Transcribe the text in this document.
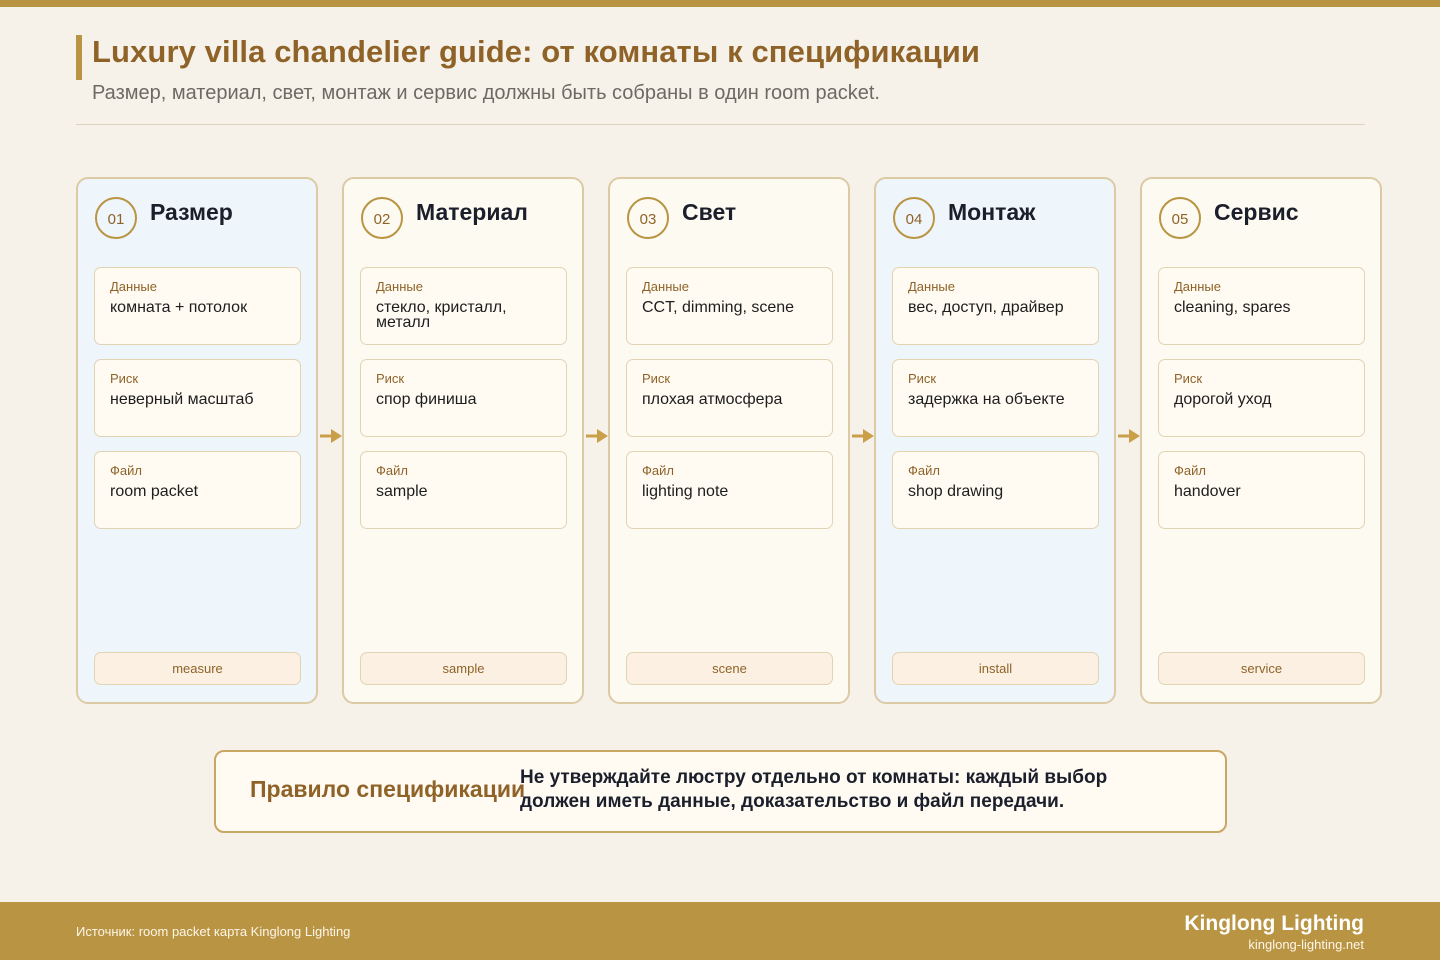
Luxury villa chandelier guide: от комнаты к спецификации
Размер, материал, свет, монтаж и сервис должны быть собраны в один room packet.
01	Размер
Данные
комната + потолок
Риск
неверный масштаб
Файл
room packet
measure
02	Материал
Данные
стекло, кристалл, металл
Риск
спор финиша
Файл
sample
sample
03	Свет
Данные
CCT, dimming, scene
Риск
плохая атмосфера
Файл
lighting note
scene
04	Монтаж
Данные
вес, доступ, драйвер
Риск
задержка на объекте
Файл
shop drawing
install
05	Сервис
Данные
cleaning, spares
Риск
дорогой уход
Файл
handover
service
Правило спецификации
Не утверждайте люстру отдельно от комнаты: каждый выбор должен иметь данные, доказательство и файл передачи.
Источник: room packet карта Kinglong Lighting	Kinglong Lighting
kinglong-lighting.net
